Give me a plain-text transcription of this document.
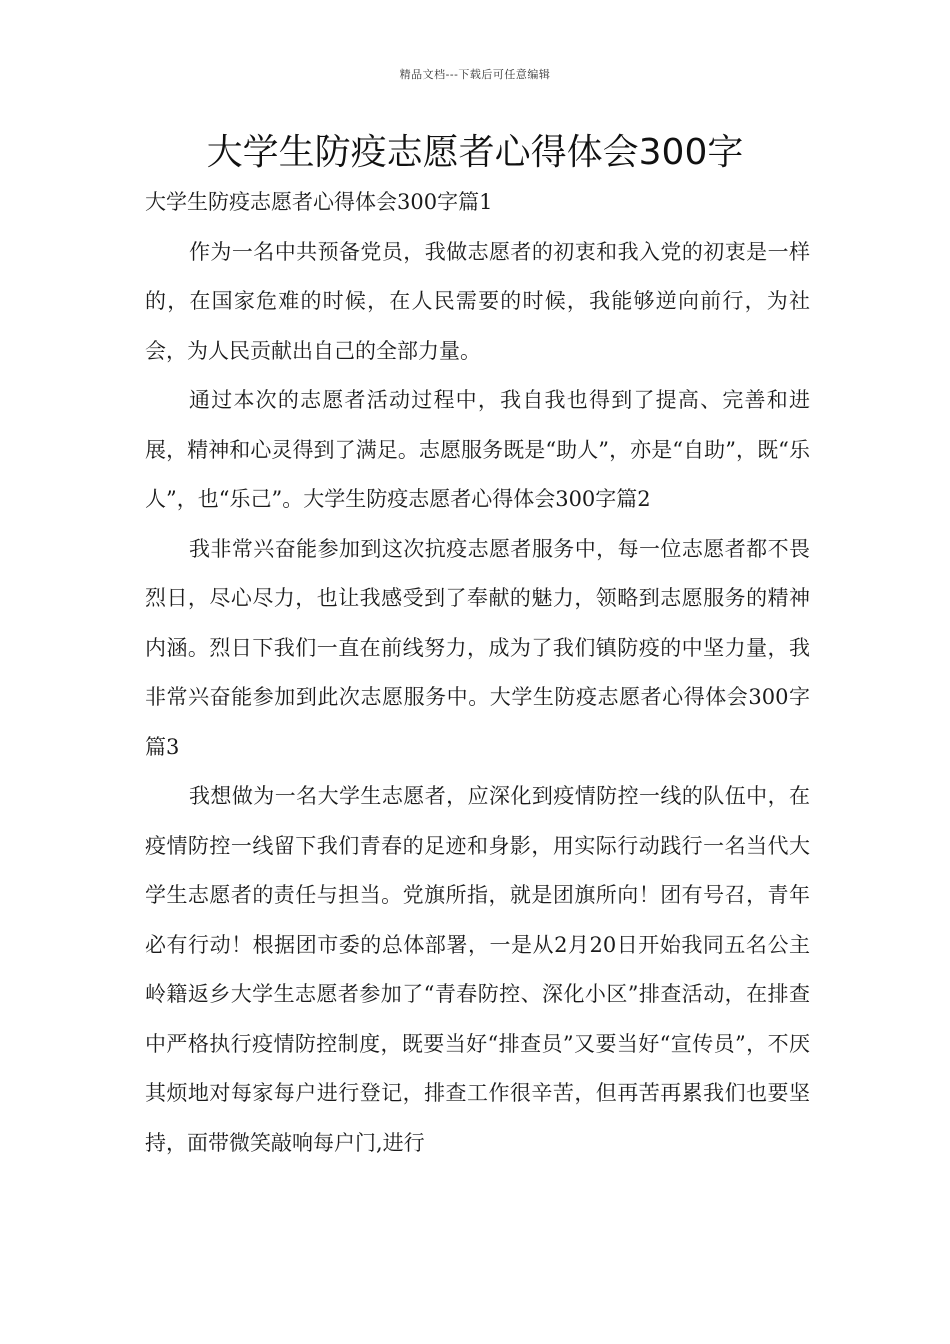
精品文档---下载后可任意编辑
大学生防疫志愿者心得体会300字

大学生防疫志愿者心得体会300字篇1

作为一名中共预备党员，我做志愿者的初衷和我入党的初衷是一样的，在国家危难的时候，在人民需要的时候，我能够逆向前行，为社会，为人民贡献出自己的全部力量。

通过本次的志愿者活动过程中，我自我也得到了提高、完善和进展，精神和心灵得到了满足。志愿服务既是“助人”，亦是“自助”，既“乐人”，也“乐己”。大学生防疫志愿者心得体会300字篇2

我非常兴奋能参加到这次抗疫志愿者服务中，每一位志愿者都不畏烈日，尽心尽力，也让我感受到了奉献的魅力，领略到志愿服务的精神内涵。烈日下我们一直在前线努力，成为了我们镇防疫的中坚力量，我非常兴奋能参加到此次志愿服务中。大学生防疫志愿者心得体会300字篇3

我想做为一名大学生志愿者，应深化到疫情防控一线的队伍中，在疫情防控一线留下我们青春的足迹和身影，用实际行动践行一名当代大学生志愿者的责任与担当。党旗所指，就是团旗所向！团有号召，青年必有行动！根据团市委的总体部署，一是从2月20日开始我同五名公主岭籍返乡大学生志愿者参加了“青春防控、深化小区”排查活动，在排查中严格执行疫情防控制度，既要当好“排查员”又要当好“宣传员”，不厌其烦地对每家每户进行登记，排查工作很辛苦，但再苦再累我们也要坚持，面带微笑敲响每户门,进行
